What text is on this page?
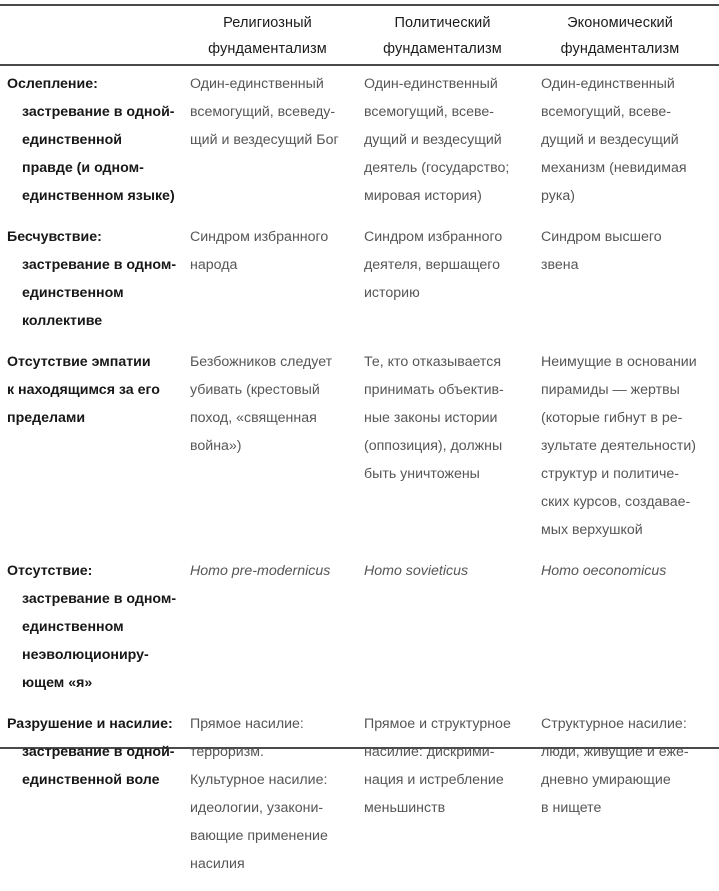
Религиозный
фундаментализм
Политический
фундаментализм
Экономический
фундаментализм
Ослепление:
застревание в одной-
единственной
правде (и одном-
единственном языке)
Один-единственный
всемогущий, всеведу-
щий и вездесущий Бог
Один-единственный
всемогущий, всеве-
дущий и вездесущий
деятель (государство;
мировая история)
Один-единственный
всемогущий, всеве-
дущий и вездесущий
механизм (невидимая
рука)
Бесчувствие:
застревание в одном-
единственном
коллективе
Синдром избранного
народа
Синдром избранного
деятеля, вершащего
историю
Синдром высшего
звена
Отсутствие эмпатии
к находящимся за его
пределами
Безбожников следует
убивать (крестовый
поход, «священная
война»)
Те, кто отказывается
принимать объектив-
ные законы истории
(оппозиция), должны
быть уничтожены
Неимущие в основании
пирамиды — жертвы
(которые гибнут в ре-
зультате деятельности)
структур и политиче-
ских курсов, создавае-
мых верхушкой
Отсутствие:
застревание в одном-
единственном
неэволюциониру-
ющем «я»
Homo pre-modernicus	Homo sovieticus	Homo oeconomicus
Разрушение и насилие:
застревание в одной-
единственной воле
Прямое насилие:
терроризм.
Культурное насилие:
идеологии, узакони-
вающие применение
насилия
Прямое и структурное
насилие: дискрими-
нация и истребление
меньшинств
Структурное насилие:
люди, живущие и еже-
дневно умирающие
в нищете
